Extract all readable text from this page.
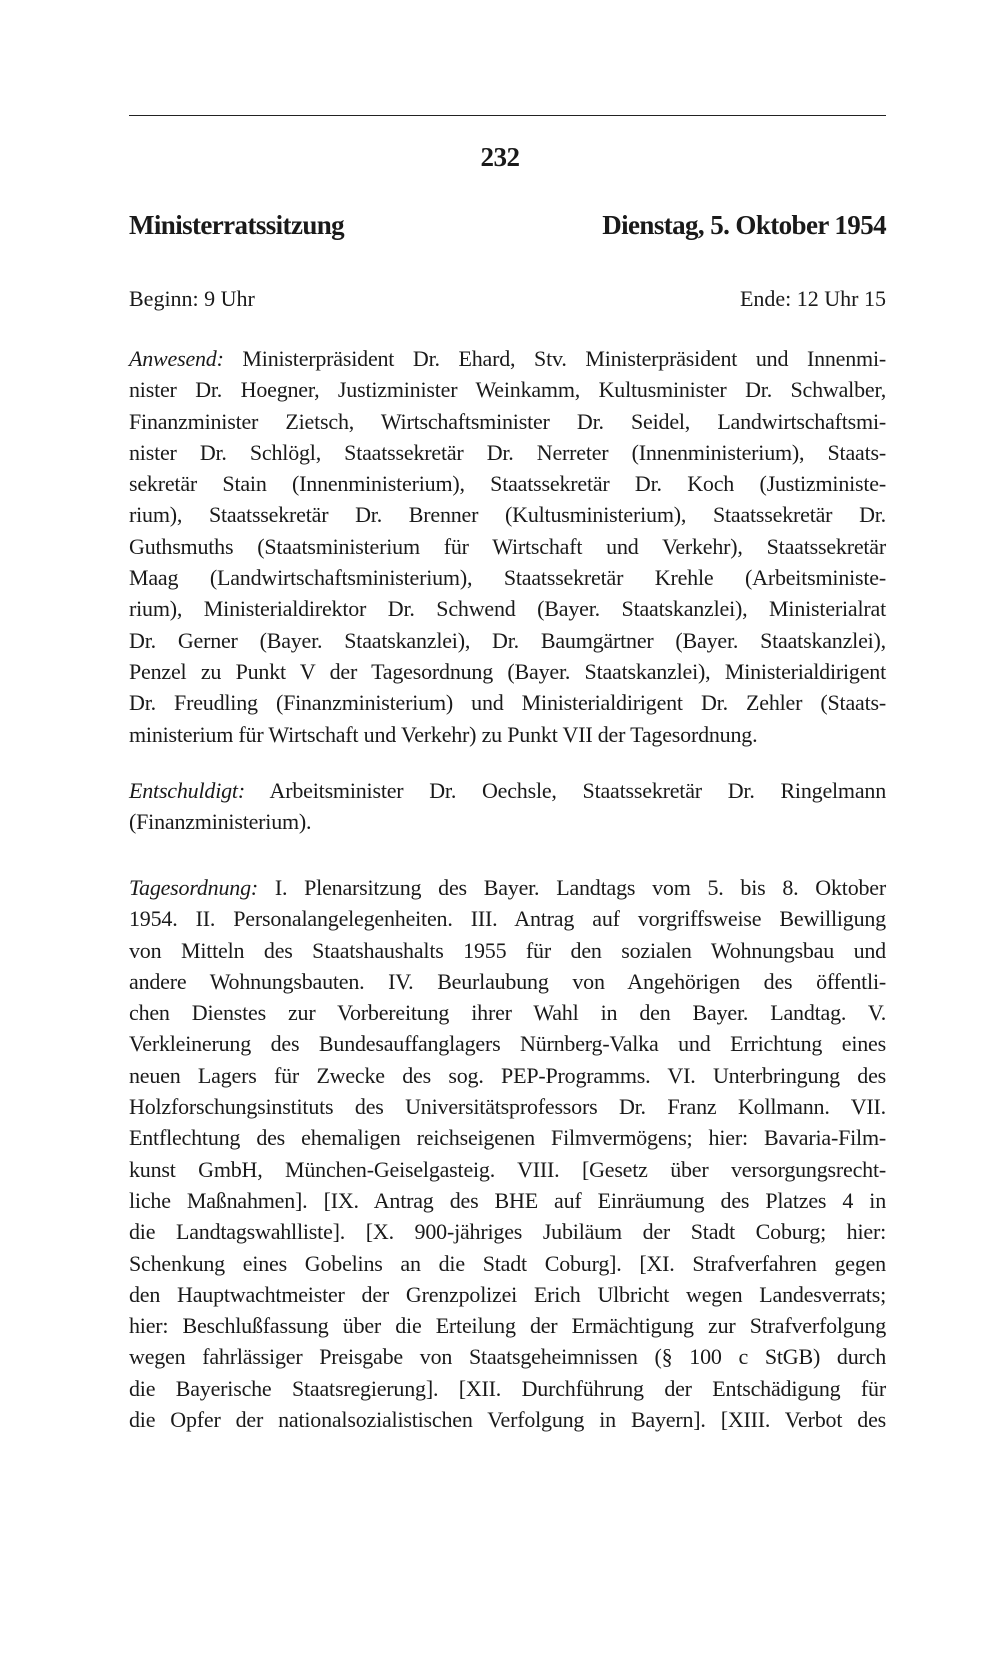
232
Ministerratssitzung	Dienstag, 5. Oktober 1954
Beginn: 9 Uhr	Ende: 12 Uhr 15
Anwesend: Ministerpräsident Dr. Ehard, Stv. Ministerpräsident und Innenmi-
nister Dr. Hoegner, Justizminister Weinkamm, Kultusminister Dr. Schwalber,
Finanzminister Zietsch, Wirtschaftsminister Dr. Seidel, Landwirtschaftsmi-
nister Dr. Schlögl, Staatssekretär Dr. Nerreter (Innenministerium), Staats-
sekretär Stain (Innenministerium), Staatssekretär Dr. Koch (Justizministe-
rium), Staatssekretär Dr. Brenner (Kultusministerium), Staatssekretär Dr.
Guthsmuths (Staatsministerium für Wirtschaft und Verkehr), Staatssekretär
Maag (Landwirtschaftsministerium), Staatssekretär Krehle (Arbeitsministe-
rium), Ministerialdirektor Dr. Schwend (Bayer. Staatskanzlei), Ministerialrat
Dr. Gerner (Bayer. Staatskanzlei), Dr. Baumgärtner (Bayer. Staatskanzlei),
Penzel zu Punkt V der Tagesordnung (Bayer. Staatskanzlei), Ministerialdirigent
Dr. Freudling (Finanzministerium) und Ministerialdirigent Dr. Zehler (Staats-
ministerium für Wirtschaft und Verkehr) zu Punkt VII der Tagesordnung.
Entschuldigt: Arbeitsminister Dr. Oechsle, Staatssekretär Dr. Ringelmann
(Finanzministerium).
Tagesordnung: I. Plenarsitzung des Bayer. Landtags vom 5. bis 8. Oktober
1954. II. Personalangelegenheiten. III. Antrag auf vorgriffsweise Bewilligung
von Mitteln des Staatshaushalts 1955 für den sozialen Wohnungsbau und
andere Wohnungsbauten. IV. Beurlaubung von Angehörigen des öffentli-
chen Dienstes zur Vorbereitung ihrer Wahl in den Bayer. Landtag. V.
Verkleinerung des Bundesauffanglagers Nürnberg-Valka und Errichtung eines
neuen Lagers für Zwecke des sog. PEP-Programms. VI. Unterbringung des
Holzforschungsinstituts des Universitätsprofessors Dr. Franz Kollmann. VII.
Entflechtung des ehemaligen reichseigenen Filmvermögens; hier: Bavaria-Film-
kunst GmbH, München-Geiselgasteig. VIII. [Gesetz über versorgungsrecht-
liche Maßnahmen]. [IX. Antrag des BHE auf Einräumung des Platzes 4 in
die Landtagswahlliste]. [X. 900-jähriges Jubiläum der Stadt Coburg; hier:
Schenkung eines Gobelins an die Stadt Coburg]. [XI. Strafverfahren gegen
den Hauptwachtmeister der Grenzpolizei Erich Ulbricht wegen Landesverrats;
hier: Beschlußfassung über die Erteilung der Ermächtigung zur Strafverfolgung
wegen fahrlässiger Preisgabe von Staatsgeheimnissen (§ 100 c StGB) durch
die Bayerische Staatsregierung]. [XII. Durchführung der Entschädigung für
die Opfer der nationalsozialistischen Verfolgung in Bayern]. [XIII. Verbot des
